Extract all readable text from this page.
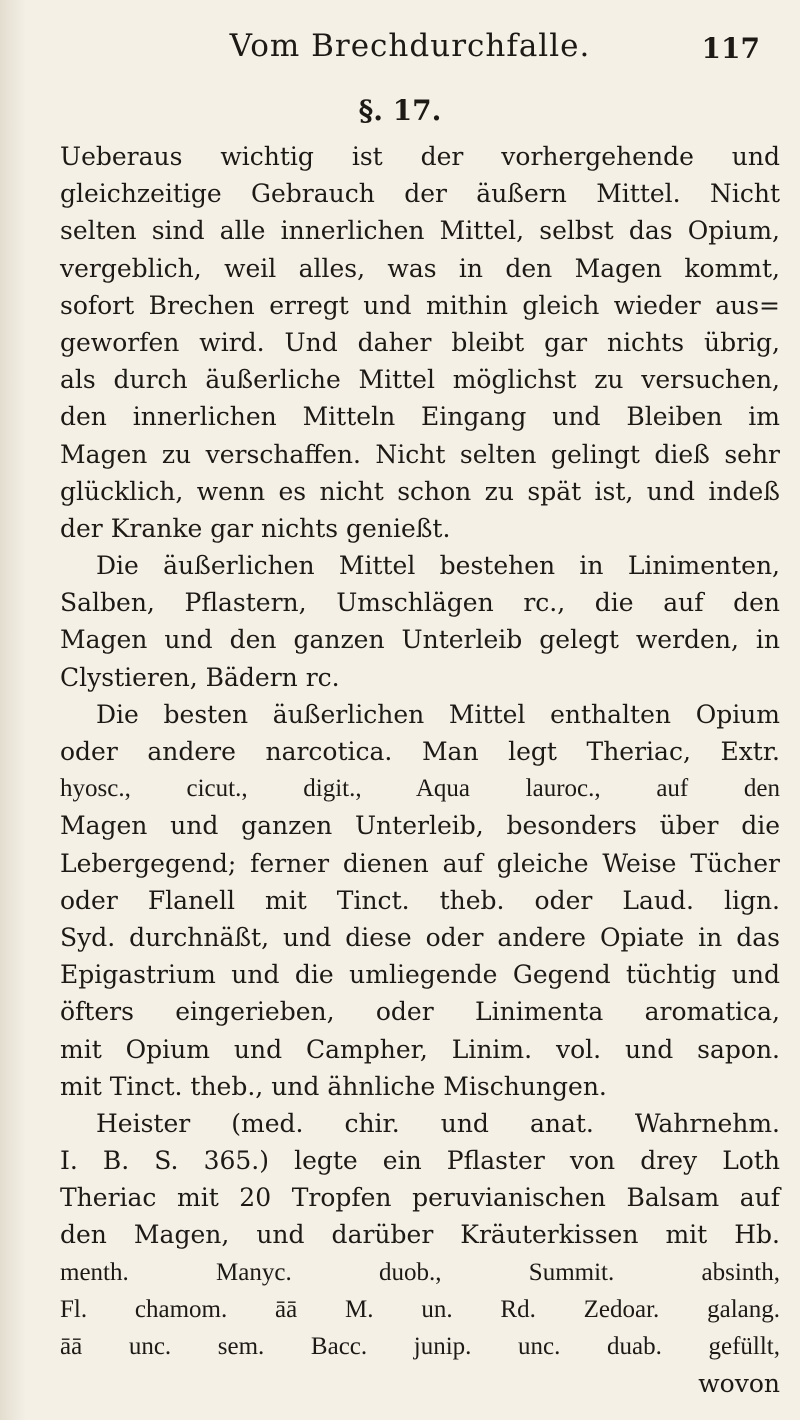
Vom Brechdurchfalle.	117
§. 17.
Ueberaus wichtig ist der vorhergehende und
gleichzeitige Gebrauch der äußern Mittel. Nicht
selten sind alle innerlichen Mittel, selbst das Opium,
vergeblich, weil alles, was in den Magen kommt,
sofort Brechen erregt und mithin gleich wieder aus=
geworfen wird. Und daher bleibt gar nichts übrig,
als durch äußerliche Mittel möglichst zu versuchen,
den innerlichen Mitteln Eingang und Bleiben im
Magen zu verschaffen. Nicht selten gelingt dieß sehr
glücklich, wenn es nicht schon zu spät ist, und indeß
der Kranke gar nichts genießt.
Die äußerlichen Mittel bestehen in Linimenten,
Salben, Pflastern, Umschlägen rc., die auf den
Magen und den ganzen Unterleib gelegt werden, in
Clystieren, Bädern rc.
Die besten äußerlichen Mittel enthalten Opium
oder andere narcotica. Man legt Theriac, Extr.
hyosc., cicut., digit., Aqua lauroc., auf den
Magen und ganzen Unterleib, besonders über die
Lebergegend; ferner dienen auf gleiche Weise Tücher
oder Flanell mit Tinct. theb. oder Laud. lign.
Syd. durchnäßt, und diese oder andere Opiate in das
Epigastrium und die umliegende Gegend tüchtig und
öfters eingerieben, oder Linimenta aromatica,
mit Opium und Campher, Linim. vol. und sapon.
mit Tinct. theb., und ähnliche Mischungen.
Heister (med. chir. und anat. Wahrnehm.
I. B. S. 365.) legte ein Pflaster von drey Loth
Theriac mit 20 Tropfen peruvianischen Balsam auf
den Magen, und darüber Kräuterkissen mit Hb.
menth. Manyc. duob., Summit. absinth,
Fl. chamom. āā M. un. Rd. Zedoar. galang.
āā unc. sem. Bacc. junip. unc. duab. gefüllt,
wovon
